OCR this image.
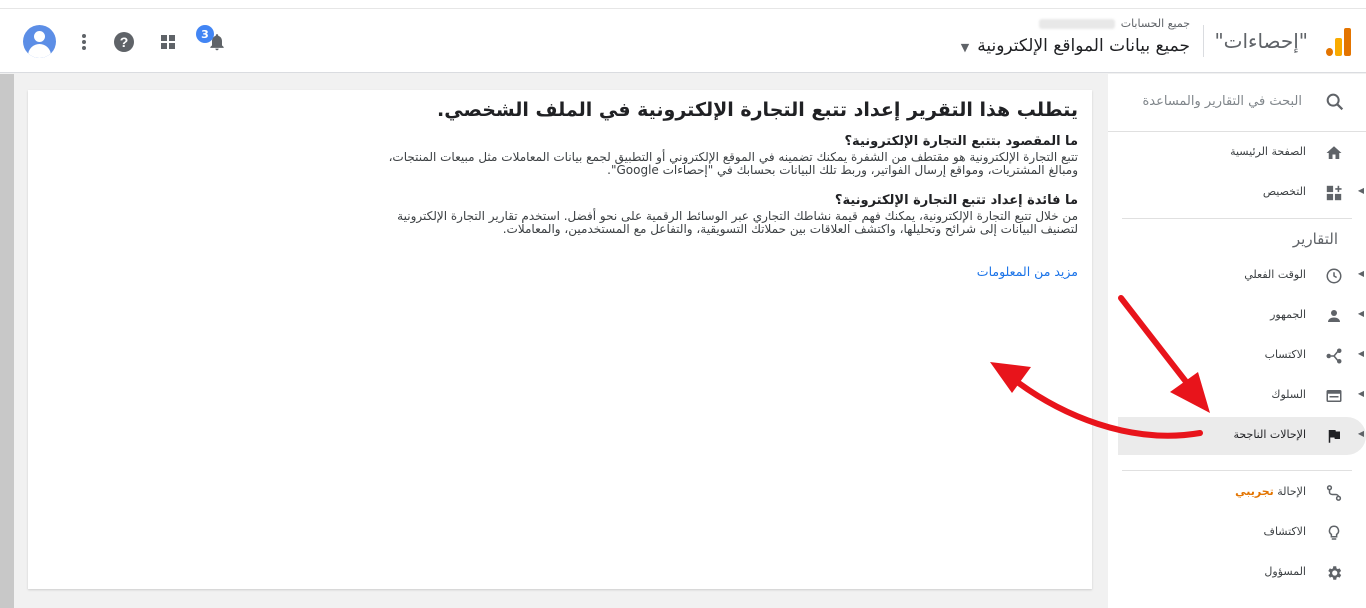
"إحصاءات"
جميع الحسابات
جميع بيانات المواقع الإلكترونية▼
3
?
البحث في التقارير والمساعدة
الصفحة الرئيسية
◀
التخصيص
التقارير
◀
الوقت الفعلي
◀
الجمهور
◀
الاكتساب
◀
السلوك
◀
الإحالات الناجحة
الإحالة تجريبي
الاكتشاف
المسؤول
يتطلب هذا التقرير إعداد تتبع التجارة الإلكترونية في الملف الشخصي.
ما المقصود بتتبع التجارة الإلكترونية؟

تتبع التجارة الإلكترونية هو مقتطف من الشفرة يمكنك تضمينه في الموقع الإلكتروني أو التطبيق لجمع بيانات المعاملات مثل مبيعات المنتجات، ومبالغ المشتريات، ومواقع إرسال الفواتير، وربط تلك البيانات بحسابك في "إحصاءات Google".

ما فائدة إعداد تتبع التجارة الإلكترونية؟

من خلال تتبع التجارة الإلكترونية، يمكنك فهم قيمة نشاطك التجاري عبر الوسائط الرقمية على نحو أفضل. استخدم تقارير التجارة الإلكترونية لتصنيف البيانات إلى شرائح وتحليلها، واكتشف العلاقات بين حملاتك التسويقية، والتفاعل مع المستخدمين، والمعاملات.

مزيد من المعلومات
